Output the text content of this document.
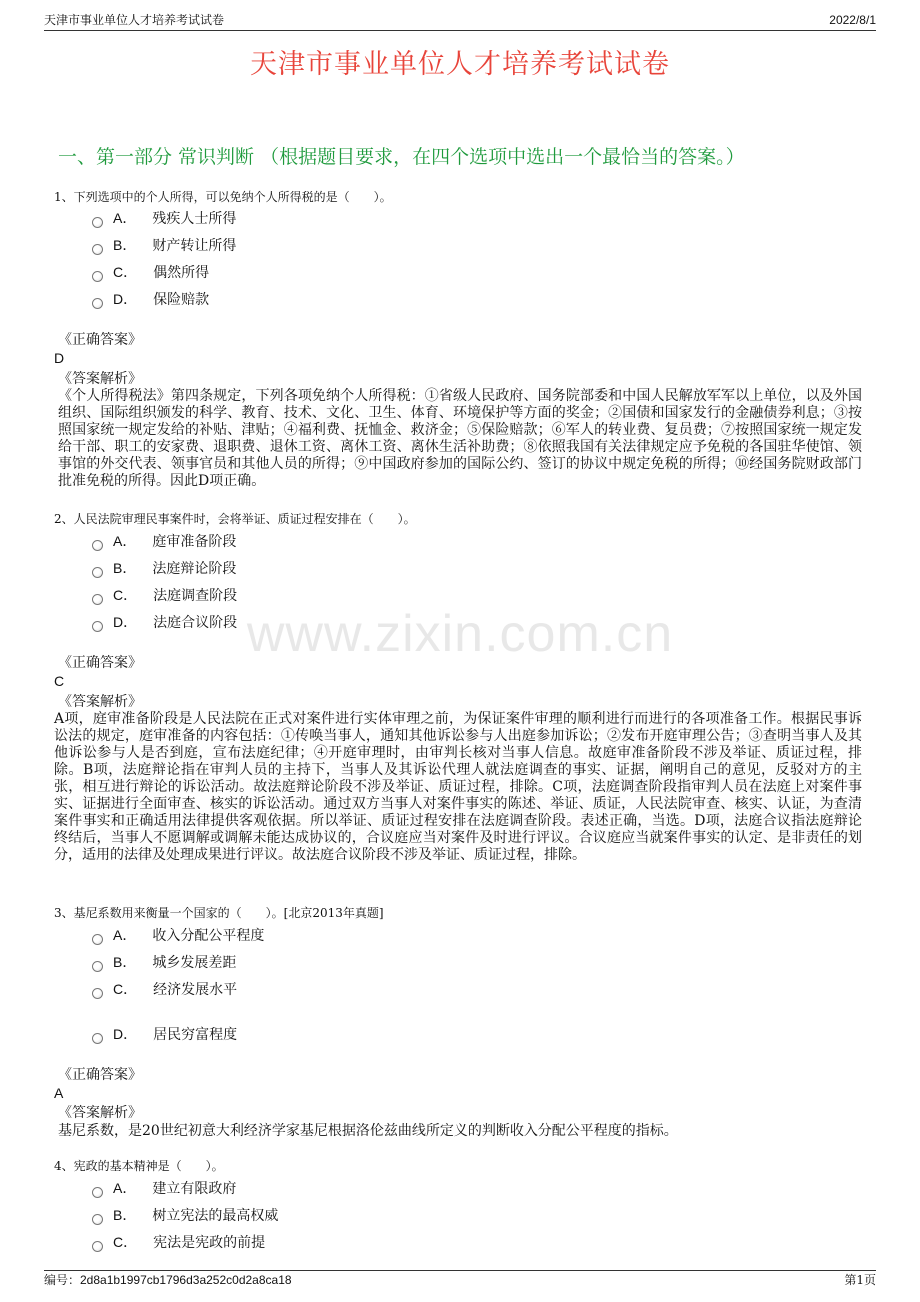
天津市事业单位人才培养考试试卷	2022/8/1
天津市事业单位人才培养考试试卷
一、第一部分 常识判断 （根据题目要求，在四个选项中选出一个最恰当的答案。）
www.zixin.com.cn
1、下列选项中的个人所得，可以免纳个人所得税的是（　　）。
A． 残疾人士所得
B． 财产转让所得
C． 偶然所得
D． 保险赔款
《正确答案》
D
《答案解析》
《个人所得税法》第四条规定，下列各项免纳个人所得税：①省级人民政府、国务院部委和中国人民解放军军以上单位，以及外国组织、国际组织颁发的科学、教育、技术、文化、卫生、体育、环境保护等方面的奖金；②国债和国家发行的金融债券利息；③按照国家统一规定发给的补贴、津贴；④福利费、抚恤金、救济金；⑤保险赔款；⑥军人的转业费、复员费；⑦按照国家统一规定发给干部、职工的安家费、退职费、退休工资、离休工资、离休生活补助费；⑧依照我国有关法律规定应予免税的各国驻华使馆、领事馆的外交代表、领事官员和其他人员的所得；⑨中国政府参加的国际公约、签订的协议中规定免税的所得；⑩经国务院财政部门批准免税的所得。因此D项正确。
2、人民法院审理民事案件时，会将举证、质证过程安排在（　　）。
A． 庭审准备阶段
B． 法庭辩论阶段
C． 法庭调查阶段
D． 法庭合议阶段
《正确答案》
C
《答案解析》
A项，庭审准备阶段是人民法院在正式对案件进行实体审理之前，为保证案件审理的顺利进行而进行的各项准备工作。根据民事诉讼法的规定，庭审准备的内容包括：①传唤当事人，通知其他诉讼参与人出庭参加诉讼；②发布开庭审理公告；③查明当事人及其他诉讼参与人是否到庭，宣布法庭纪律；④开庭审理时，由审判长核对当事人信息。故庭审准备阶段不涉及举证、质证过程，排除。B项，法庭辩论指在审判人员的主持下，当事人及其诉讼代理人就法庭调查的事实、证据，阐明自己的意见，反驳对方的主张，相互进行辩论的诉讼活动。故法庭辩论阶段不涉及举证、质证过程，排除。C项，法庭调查阶段指审判人员在法庭上对案件事实、证据进行全面审查、核实的诉讼活动。通过双方当事人对案件事实的陈述、举证、质证，人民法院审查、核实、认证，为查清案件事实和正确适用法律提供客观依据。所以举证、质证过程安排在法庭调查阶段。表述正确，当选。D项，法庭合议指法庭辩论终结后，当事人不愿调解或调解未能达成协议的，合议庭应当对案件及时进行评议。合议庭应当就案件事实的认定、是非责任的划分，适用的法律及处理成果进行评议。故法庭合议阶段不涉及举证、质证过程，排除。
3、基尼系数用来衡量一个国家的（　　）。[北京2013年真题]
A． 收入分配公平程度
B． 城乡发展差距
C． 经济发展水平
D． 居民穷富程度
《正确答案》
A
《答案解析》
基尼系数，是20世纪初意大利经济学家基尼根据洛伦兹曲线所定义的判断收入分配公平程度的指标。
4、宪政的基本精神是（　　）。
A． 建立有限政府
B． 树立宪法的最高权威
C． 宪法是宪政的前提
编号：2d8a1b1997cb1796d3a252c0d2a8ca18	第1页
